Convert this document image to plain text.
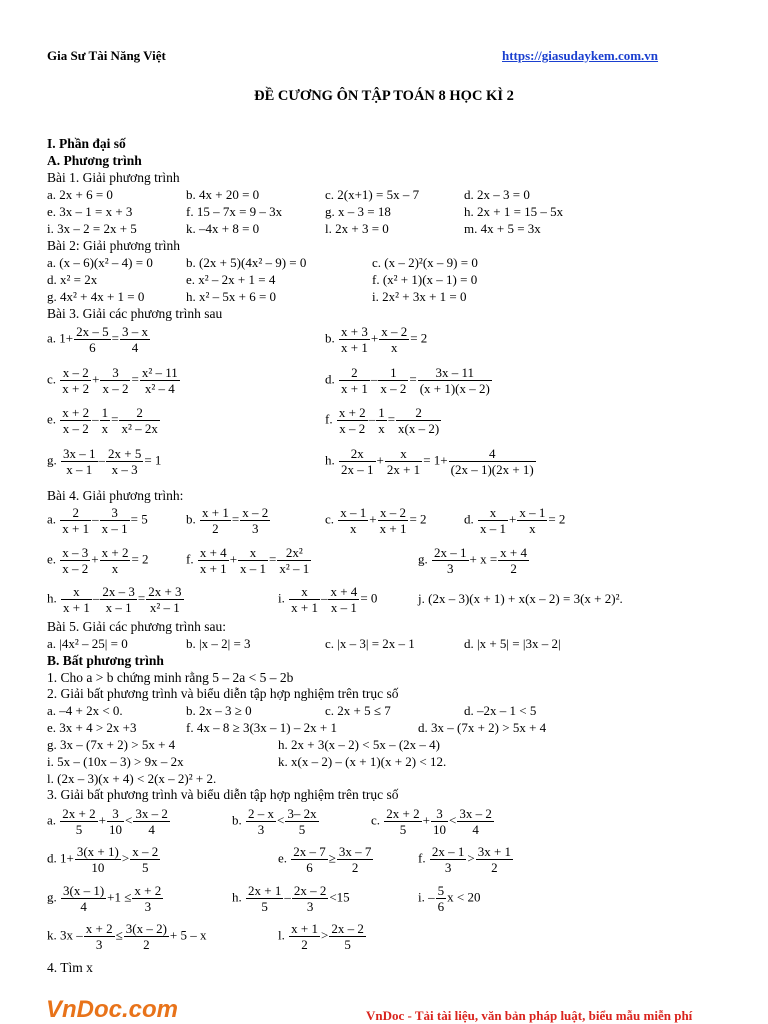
Gia Sư Tài Năng Việt	https://giasudaykem.com.vn
ĐỀ CƯƠNG ÔN TẬP TOÁN 8 HỌC KÌ 2
I. Phần đại số
A. Phương trình
Bài 1. Giải phương trình
a. 2x + 6 = 0	b. 4x + 20 = 0	c. 2(x+1) = 5x – 7	d. 2x – 3 = 0
e. 3x – 1 = x + 3	f. 15 – 7x = 9 – 3x	g. x – 3 = 18	h. 2x + 1 = 15 – 5x
i. 3x – 2 = 2x + 5	k. –4x + 8 = 0	l. 2x + 3 = 0	m. 4x + 5 = 3x
Bài 2: Giải phương trình
a. (x – 6)(x² – 4) = 0	b. (2x + 5)(4x² – 9) = 0	c. (x – 2)²(x – 9) = 0
d. x² = 2x	e. x² – 2x + 1 = 4	f. (x² + 1)(x – 1) = 0
g. 4x² + 4x + 1 = 0	h. x² – 5x + 6 = 0	i. 2x² + 3x + 1 = 0
Bài 3. Giải các phương trình sau
a. $1+ \frac{2x - 5}{6} = \frac{3 - x}{4}$	b. $\frac{x + 3}{x + 1} + \frac{x - 2}{x} = 2$
c. $\frac{x - 2}{x + 2} + \frac{3}{x - 2} = \frac{\text{x² – 11}}{\text{x² – 4}}$	d. $\frac{2}{x + 1} - \frac{1}{x - 2} = \frac{3x - 11}{(x + 1)(x - 2)}$
e. $\frac{x + 2}{x - 2} - \frac{1}{x} = \frac{2}{\text{x² – 2x}}$	f. $\frac{x + 2}{x - 2} - \frac{1}{x} = \frac{2}{x(x - 2)}$
g. $\frac{3x - 1}{x - 1} - \frac{2x + 5}{x - 3} = 1$	h. $\frac{2x}{2x - 1} + \frac{x}{2x + 1} = 1+ \frac{4}{(2x - 1)(2x + 1)}$
Bài 4. Giải phương trình:
a. $\frac{2}{x + 1} - \frac{3}{x - 1} = 5$	b. $\frac{x + 1}{2} = \frac{x - 2}{3}$	c. $\frac{x - 1}{x} + \frac{x - 2}{x + 1} = 2$	d. $\frac{x}{x - 1} + \frac{x - 1}{x} = 2$
e. $\frac{x - 3}{x - 2} + \frac{x + 2}{x} = 2$	f. $\frac{x + 4}{x + 1} + \frac{x}{x - 1} = \frac{\text{2x²}}{\text{x² – 1}}$	g. $\frac{2x - 1}{3} + x = \frac{x + 4}{2}$
h. $\frac{x}{x + 1} - \frac{2x - 3}{x - 1} = \frac{2x + 3}{\text{x² – 1}}$	i. $\frac{x}{x + 1} - \frac{x + 4}{x - 1} = 0$	j. (2x – 3)(x + 1) + x(x – 2) = 3(x + 2)².
Bài 5. Giải các phương trình sau:
a. |4x² – 25| = 0	b. |x – 2| = 3	c. |x – 3| = 2x – 1	d. |x + 5| = |3x – 2|
B. Bất phương trình
1. Cho a > b chứng minh rằng 5 – 2a < 5 – 2b
2. Giải bất phương trình và biểu diễn tập hợp nghiệm trên trục số
a. –4 + 2x < 0.	b. 2x – 3 ≥ 0	c. 2x + 5 ≤ 7	d. –2x – 1 < 5
e. 3x + 4 > 2x +3	f. 4x – 8 ≥ 3(3x – 1) – 2x + 1	d. 3x – (7x + 2) > 5x + 4
g. 3x – (7x + 2) > 5x + 4	h. 2x + 3(x – 2) < 5x – (2x – 4)
i. 5x – (10x – 3) > 9x – 2x	k. x(x – 2) – (x + 1)(x + 2) < 12.
l. (2x – 3)(x + 4) < 2(x – 2)² + 2.
3. Giải bất phương trình và biểu diễn tập hợp nghiệm trên trục số
a. $\frac{2x + 2}{5} + \frac{3}{10} < \frac{3x - 2}{4}$	b. $\frac{2 - x}{3} < \frac{3- 2x}{5}$	c. $\frac{2x + 2}{5} + \frac{3}{10} < \frac{3x - 2}{4}$
d. $1+ \frac{3(x + 1)}{10} > \frac{x - 2}{5}$	e. $\frac{2x - 7}{6} \ge \frac{3x - 7}{2}$	f. $\frac{2x - 1}{3} > \frac{3x + 1}{2}$
g. $\frac{3(x - 1)}{4} +1 \le \frac{x + 2}{3}$	h. $\frac{2x + 1}{5} - \frac{2x - 2}{3} <15$	i. – $\frac{5}{6}$ x < 20
k. $3x - \frac{x + 2}{3} \le \frac{3(x - 2)}{2} + 5 - x$	l. $\frac{x + 1}{2} > \frac{2x - 2}{5}$
4. Tìm x
VnDoc.com	VnDoc - Tải tài liệu, văn bản pháp luật, biểu mẫu miễn phí
